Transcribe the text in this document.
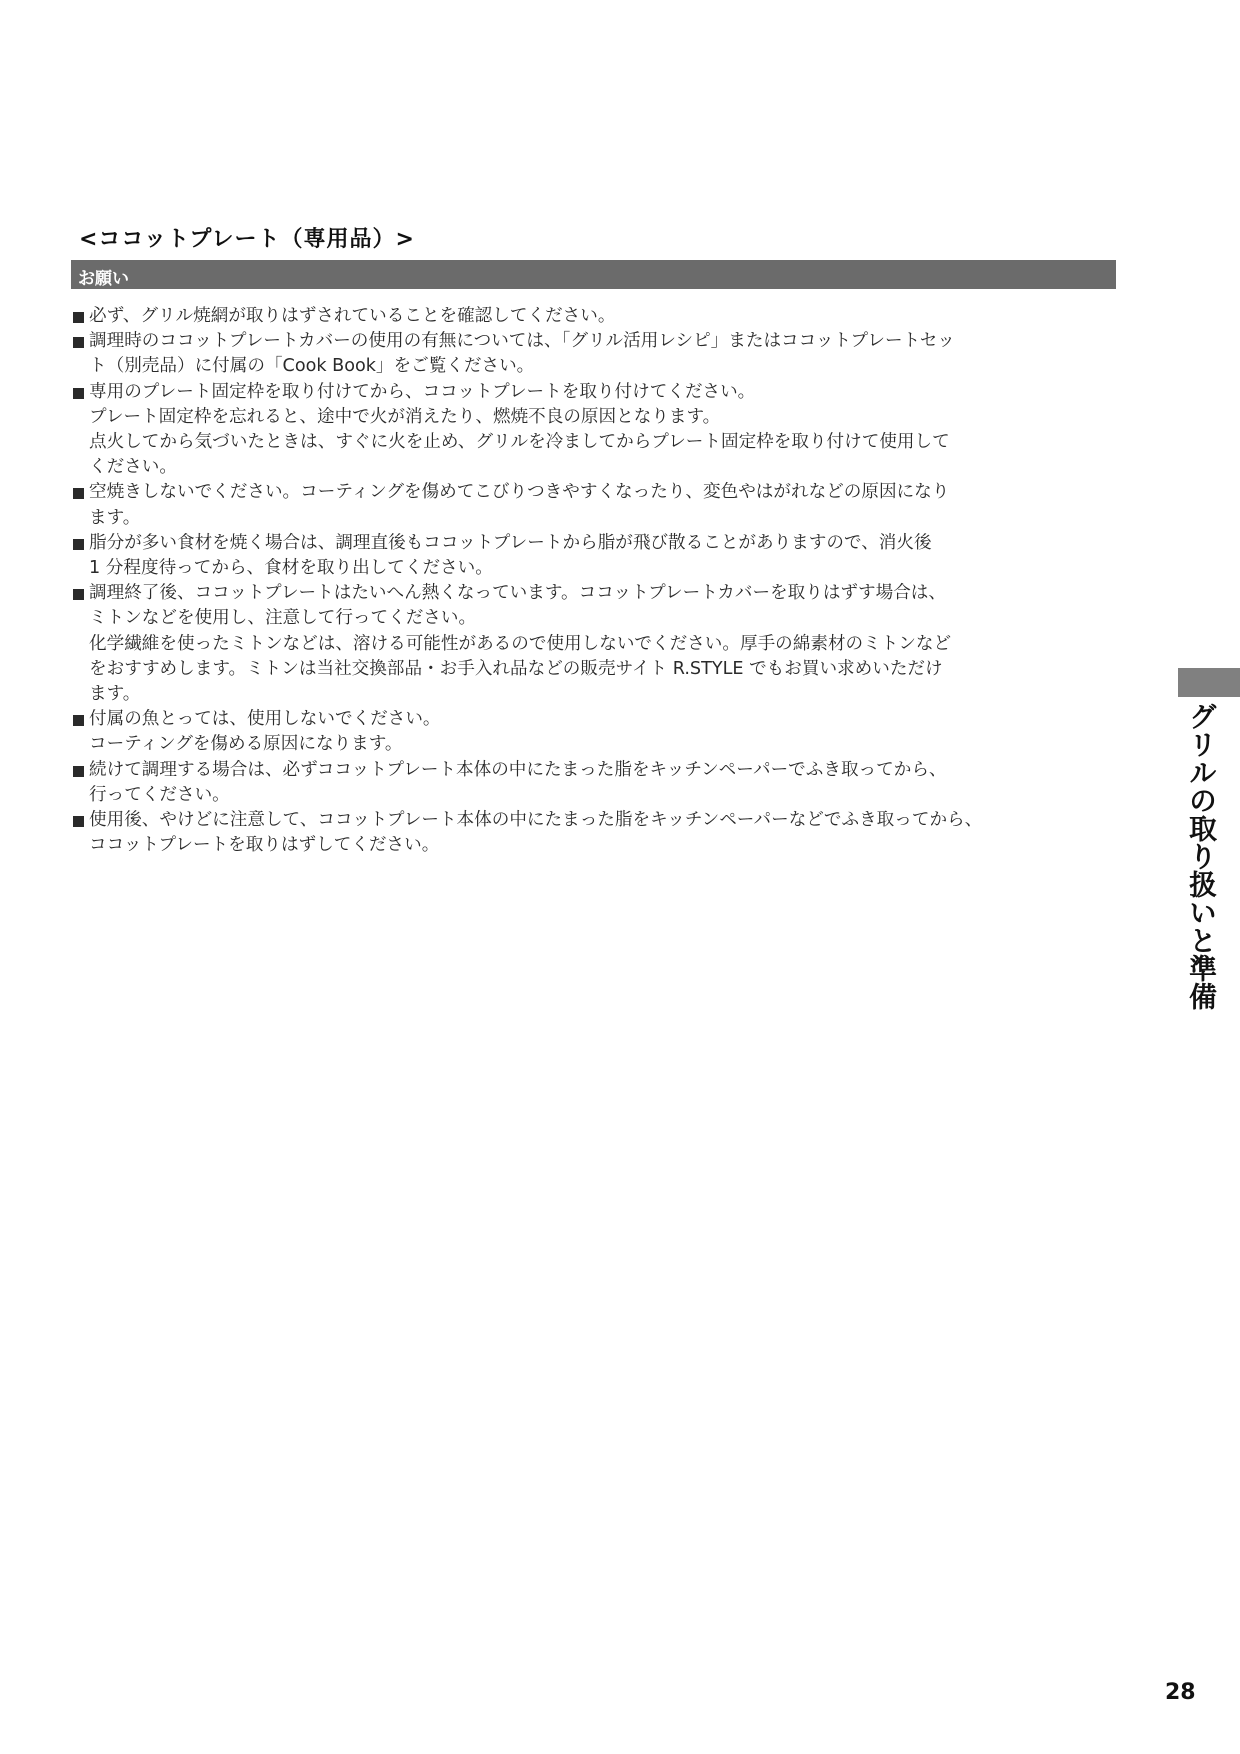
<ココットプレート（専用品）>
お願い
必ず、グリル焼網が取りはずされていることを確認してください。
調理時のココットプレートカバーの使用の有無については、「グリル活用レシピ」またはココットプレートセッ
ト（別売品）に付属の「Cook Book」をご覧ください。
専用のプレート固定枠を取り付けてから、ココットプレートを取り付けてください。
プレート固定枠を忘れると、途中で火が消えたり、燃焼不良の原因となります。
点火してから気づいたときは、すぐに火を止め、グリルを冷ましてからプレート固定枠を取り付けて使用して
ください。
空焼きしないでください。コーティングを傷めてこびりつきやすくなったり、変色やはがれなどの原因になり
ます。
脂分が多い食材を焼く場合は、調理直後もココットプレートから脂が飛び散ることがありますので、消火後
1 分程度待ってから、食材を取り出してください。
調理終了後、ココットプレートはたいへん熱くなっています。ココットプレートカバーを取りはずす場合は、
ミトンなどを使用し、注意して行ってください。
化学繊維を使ったミトンなどは、溶ける可能性があるので使用しないでください。厚手の綿素材のミトンなど
をおすすめします。ミトンは当社交換部品・お手入れ品などの販売サイト R.STYLE でもお買い求めいただけ
ます。
付属の魚とっては、使用しないでください。
コーティングを傷める原因になります。
続けて調理する場合は、必ずココットプレート本体の中にたまった脂をキッチンペーパーでふき取ってから、
行ってください。
使用後、やけどに注意して、ココットプレート本体の中にたまった脂をキッチンペーパーなどでふき取ってから、
ココットプレートを取りはずしてください。	グリルの取り扱いと準備
28
